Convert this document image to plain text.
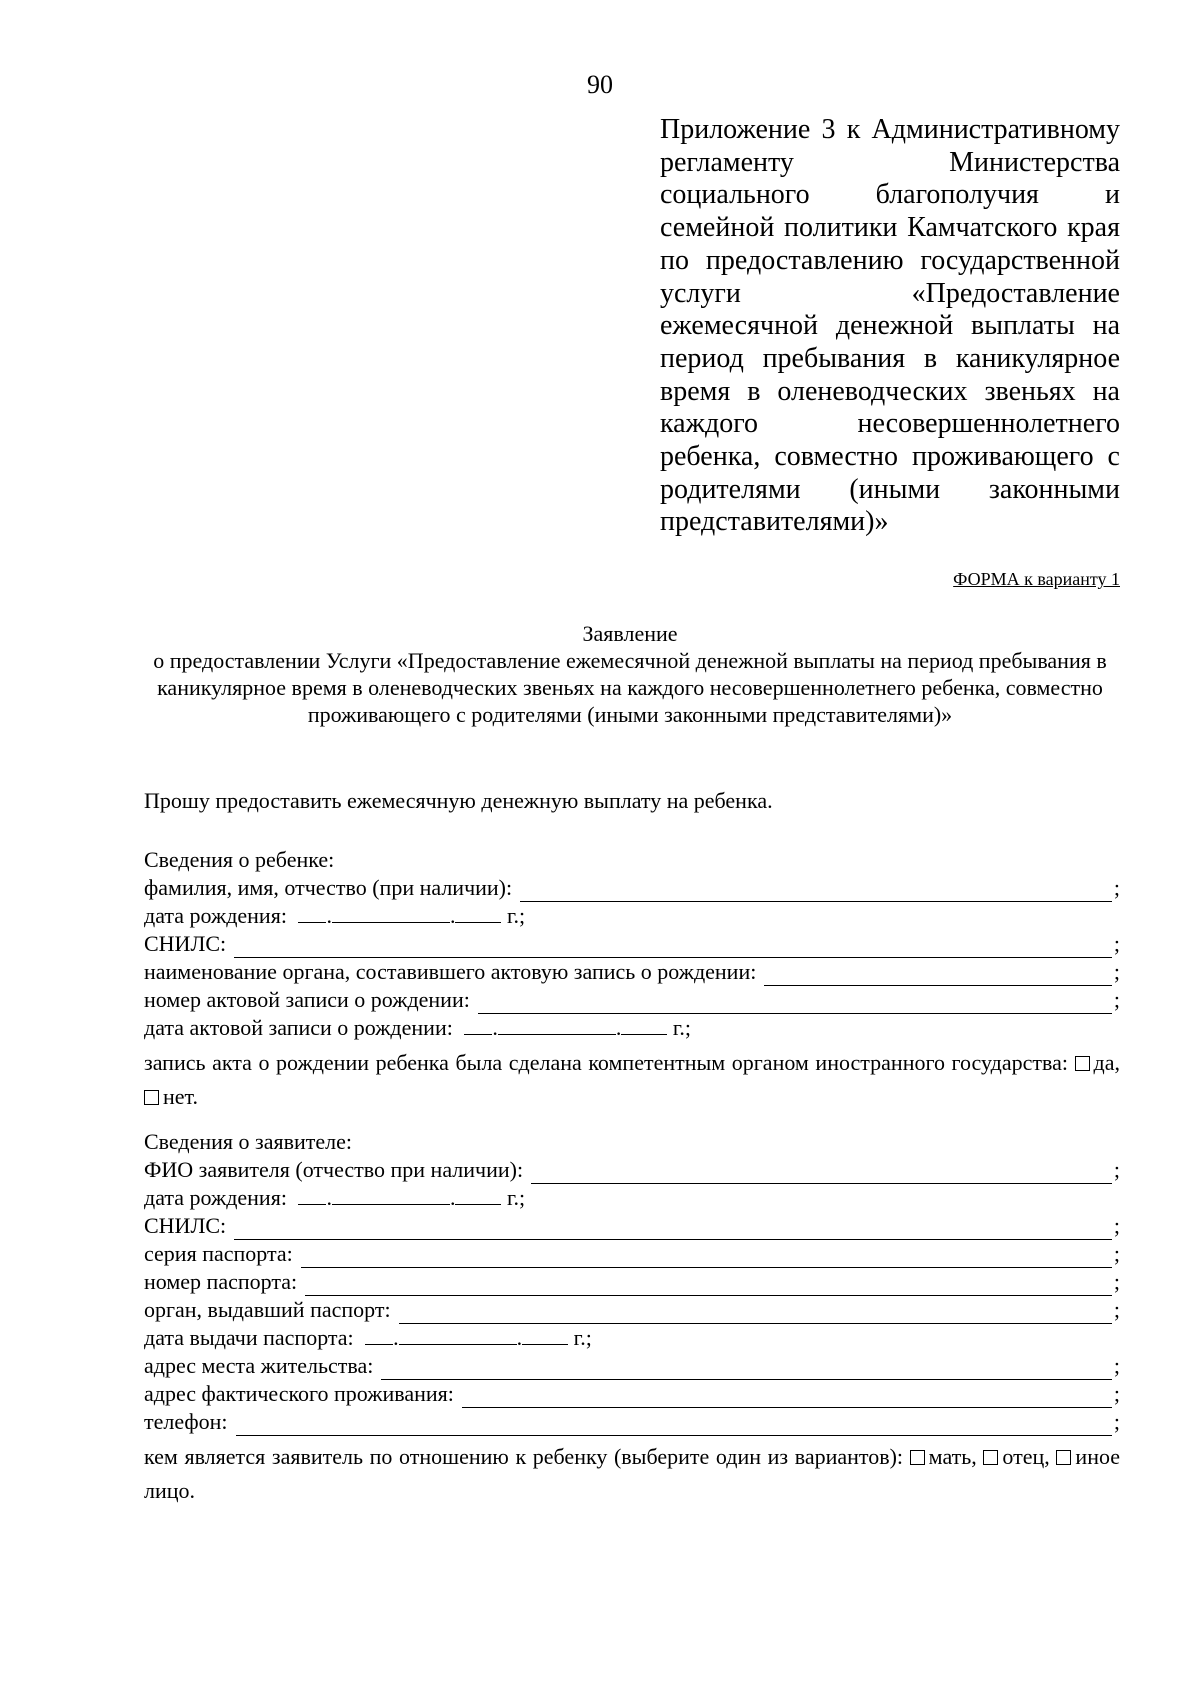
90

Приложение 3 к Административному регламенту Министерства социального благополучия и семейной политики Камчатского края по предоставлению государственной услуги «Предоставление ежемесячной денежной выплаты на период пребывания в каникулярное время в оленеводческих звеньях на каждого несовершеннолетнего ребенка, совместно проживающего с родителями (иными законными представителями)»

ФОРМА к варианту 1
Заявление
о предоставлении Услуги «Предоставление ежемесячной денежной выплаты на период пребывания в каникулярное время в оленеводческих звеньях на каждого несовершеннолетнего ребенка, совместно проживающего с родителями (иными законными представителями)»
Прошу предоставить ежемесячную денежную выплату на ребенка.
Сведения о ребенке:
фамилия, имя, отчество (при наличии):	;
дата рождения: .	. г.;
СНИЛС:	;
наименование органа, составившего актовую запись о рождении:	;
номер актовой записи о рождении:	;
дата актовой записи о рождении: .	. г.;

запись акта о рождении ребенка была сделана компетентным органом иностранного государства: да, нет.

Сведения о заявителе:
ФИО заявителя (отчество при наличии):	;
дата рождения: .	. г.;
СНИЛС:	;
серия паспорта:	;
номер паспорта:	;
орган, выдавший паспорт:	;
дата выдачи паспорта: .	. г.;
адрес места жительства:	;
адрес фактического проживания:	;
телефон:	;

кем является заявитель по отношению к ребенку (выберите один из вариантов): мать, отец, иное лицо.
